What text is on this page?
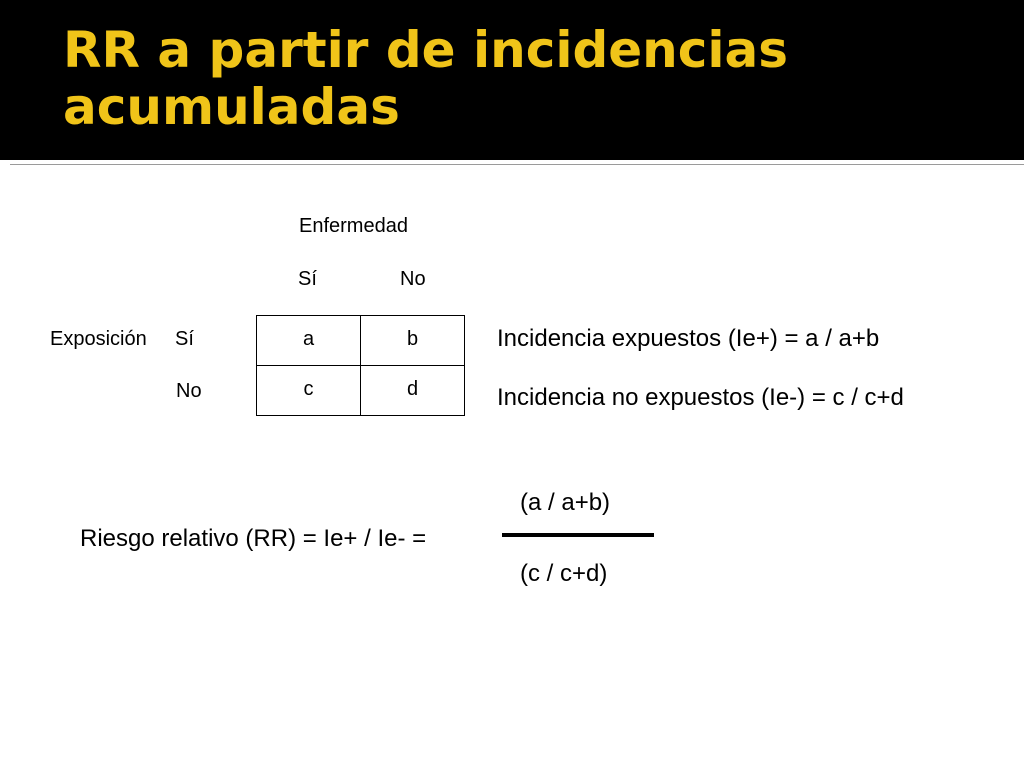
RR a partir de incidencias
acumuladas
Enfermedad
Sí	No
Exposición Sí
No
a	b
c	d
Incidencia expuestos (Ie+) = a / a+b
Incidencia no expuestos (Ie-) = c / c+d
(a / a+b)
Riesgo relativo (RR) = Ie+ / Ie- =
(c / c+d)
